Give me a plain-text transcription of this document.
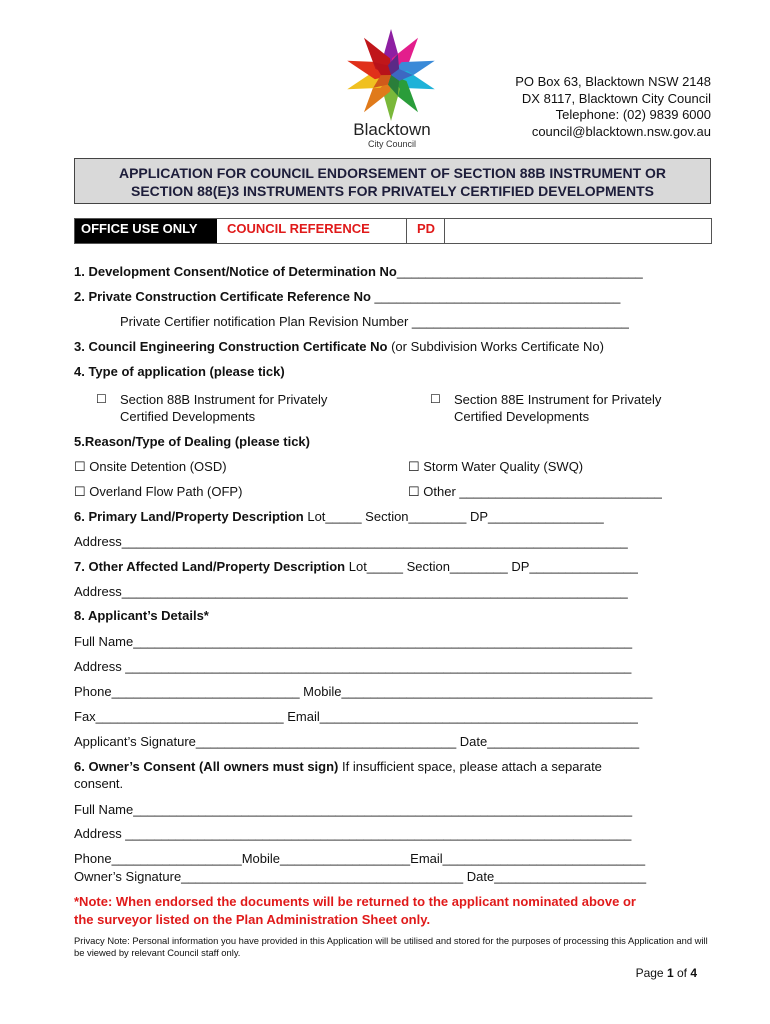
Blacktown
City Council
PO Box 63, Blacktown NSW 2148
DX 8117, Blacktown City Council
Telephone: (02) 9839 6000
council@blacktown.nsw.gov.au
APPLICATION FOR COUNCIL ENDORSEMENT OF SECTION 88B INSTRUMENT OR
SECTION 88(E)3 INSTRUMENTS FOR PRIVATELY CERTIFIED DEVELOPMENTS
OFFICE USE ONLY	COUNCIL REFERENCE	PD
1. Development Consent/Notice of Determination No__________________________________
2. Private Construction Certificate Reference No __________________________________
Private Certifier notification Plan Revision Number ______________________________
3. Council Engineering Construction Certificate No (or Subdivision Works Certificate No)
4. Type of application (please tick)
☐ Section 88B Instrument for Privately
Certified Developments
☐ Section 88E Instrument for Privately
Certified Developments
5.Reason/Type of Dealing (please tick)
☐ Onsite Detention (OSD)	☐ Storm Water Quality (SWQ)
☐ Overland Flow Path (OFP)	☐ Other ____________________________
6. Primary Land/Property Description Lot_____ Section________ DP________________
Address______________________________________________________________________
7. Other Affected Land/Property Description Lot_____ Section________ DP_______________
Address______________________________________________________________________
8. Applicant’s Details*
Full Name_____________________________________________________________________
Address ______________________________________________________________________
Phone__________________________ Mobile___________________________________________
Fax__________________________ Email____________________________________________
Applicant’s Signature____________________________________ Date_____________________
6. Owner’s Consent (All owners must sign) If insufficient space, please attach a separate
consent.
Full Name_____________________________________________________________________
Address ______________________________________________________________________
Phone__________________Mobile__________________Email____________________________
Owner’s Signature_______________________________________ Date_____________________
*Note: When endorsed the documents will be returned to the applicant nominated above or
the surveyor listed on the Plan Administration Sheet only.
Privacy Note: Personal information you have provided in this Application will be utilised and stored for the purposes of processing this Application and will be viewed by relevant Council staff only.
Page 1 of 4
